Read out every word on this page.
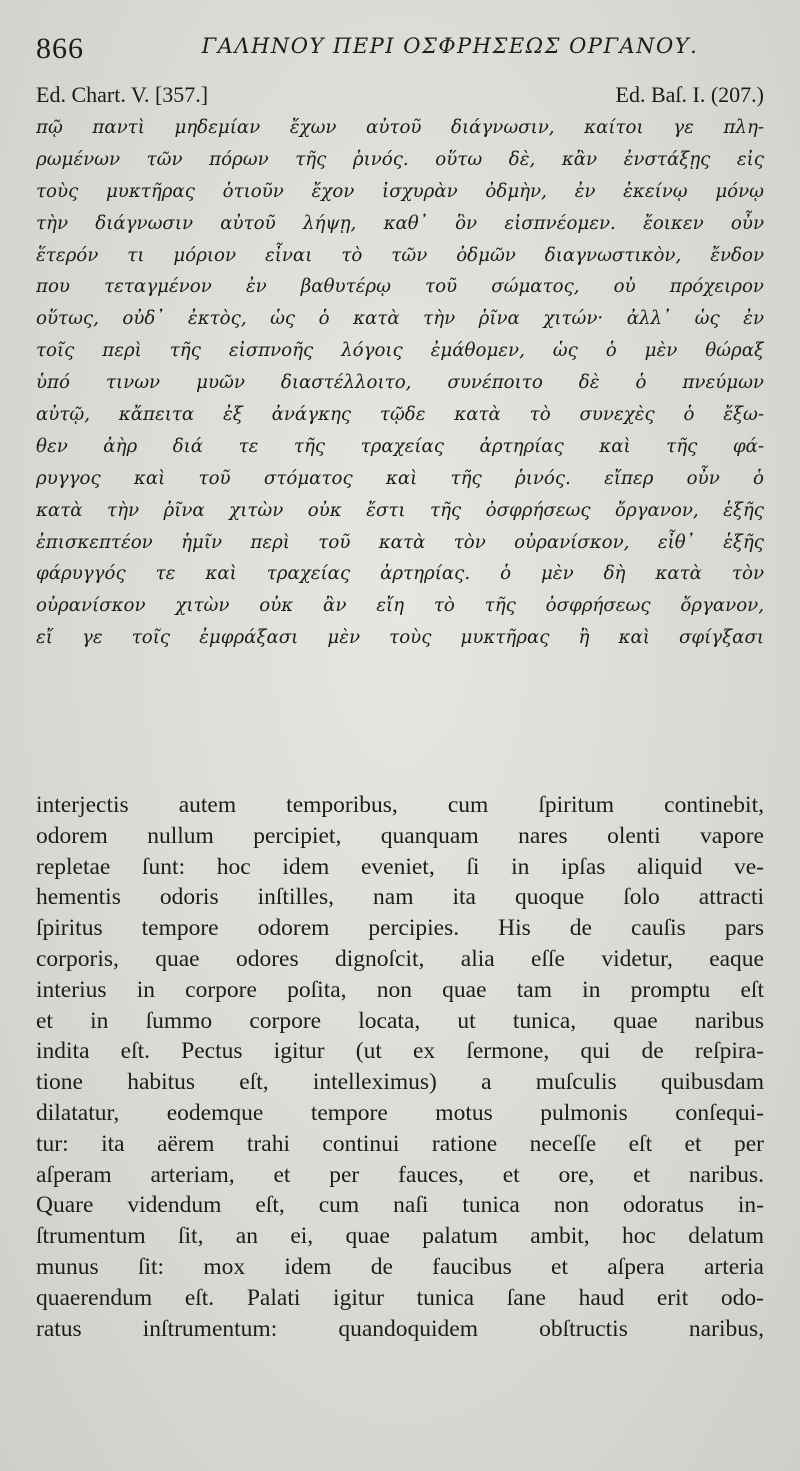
866	ΓΑΛΗΝΟΥ ΠΕΡΙ ΟΣΦΡΗΣΕΩΣ ΟΡΓΑΝΟΥ.
Ed. Chart. V. [357.]	Ed. Baſ. I. (207.)
πῷ παντὶ μηδεμίαν ἔχων αὐτοῦ διάγνωσιν, καίτοι γε πλη-
ρωμένων τῶν πόρων τῆς ῥινός. οὕτω δὲ, κἂν ἐνστάξῃς εἰς
τοὺς μυκτῆρας ὁτιοῦν ἔχον ἰσχυρὰν ὀδμὴν, ἐν ἐκείνῳ μόνῳ
τὴν διάγνωσιν αὐτοῦ λήψῃ, καθ᾽ ὃν εἰσπνέομεν. ἔοικεν οὖν
ἕτερόν τι μόριον εἶναι τὸ τῶν ὀδμῶν διαγνωστικὸν, ἔνδον
που τεταγμένον ἐν βαθυτέρῳ τοῦ σώματος, οὐ πρόχειρον
οὕτως, οὐδ᾽ ἐκτὸς, ὡς ὁ κατὰ τὴν ῥῖνα χιτών· ἀλλ᾽ ὡς ἐν
τοῖς περὶ τῆς εἰσπνοῆς λόγοις ἐμάθομεν, ὡς ὁ μὲν θώραξ
ὑπό τινων μυῶν διαστέλλοιτο, συνέποιτο δὲ ὁ πνεύμων
αὐτῷ, κἄπειτα ἐξ ἀνάγκης τῷδε κατὰ τὸ συνεχὲς ὁ ἔξω-
θεν ἀὴρ διά τε τῆς τραχείας ἀρτηρίας καὶ τῆς φά-
ρυγγος καὶ τοῦ στόματος καὶ τῆς ῥινός. εἴπερ οὖν ὁ
κατὰ τὴν ῥῖνα χιτὼν οὐκ ἔστι τῆς ὀσφρήσεως ὄργανον, ἑξῆς
ἐπισκεπτέον ἡμῖν περὶ τοῦ κατὰ τὸν οὐρανίσκον, εἶθ᾽ ἑξῆς
φάρυγγός τε καὶ τραχείας ἀρτηρίας. ὁ μὲν δὴ κατὰ τὸν
οὐρανίσκον χιτὼν οὐκ ἂν εἴη τὸ τῆς ὀσφρήσεως ὄργανον,
εἴ γε τοῖς ἐμφράξασι μὲν τοὺς μυκτῆρας ἢ καὶ σφίγξασι
interjectis autem temporibus, cum ſpiritum continebit,
odorem nullum percipiet, quanquam nares olenti vapore
repletae ſunt: hoc idem eveniet, ſi in ipſas aliquid ve-
hementis odoris inſtilles, nam ita quoque ſolo attracti
ſpiritus tempore odorem percipies. His de cauſis pars
corporis, quae odores dignoſcit, alia eſſe videtur, eaque
interius in corpore poſita, non quae tam in promptu eſt
et in ſummo corpore locata, ut tunica, quae naribus
indita eſt. Pectus igitur (ut ex ſermone, qui de reſpira-
tione habitus eſt, intelleximus) a muſculis quibusdam
dilatatur, eodemque tempore motus pulmonis conſequi-
tur: ita aërem trahi continui ratione neceſſe eſt et per
aſperam arteriam, et per fauces, et ore, et naribus.
Quare videndum eſt, cum naſi tunica non odoratus in-
ſtrumentum ſit, an ei, quae palatum ambit, hoc delatum
munus ſit: mox idem de faucibus et aſpera arteria
quaerendum eſt. Palati igitur tunica ſane haud erit odo-
ratus inſtrumentum: quandoquidem obſtructis naribus,
